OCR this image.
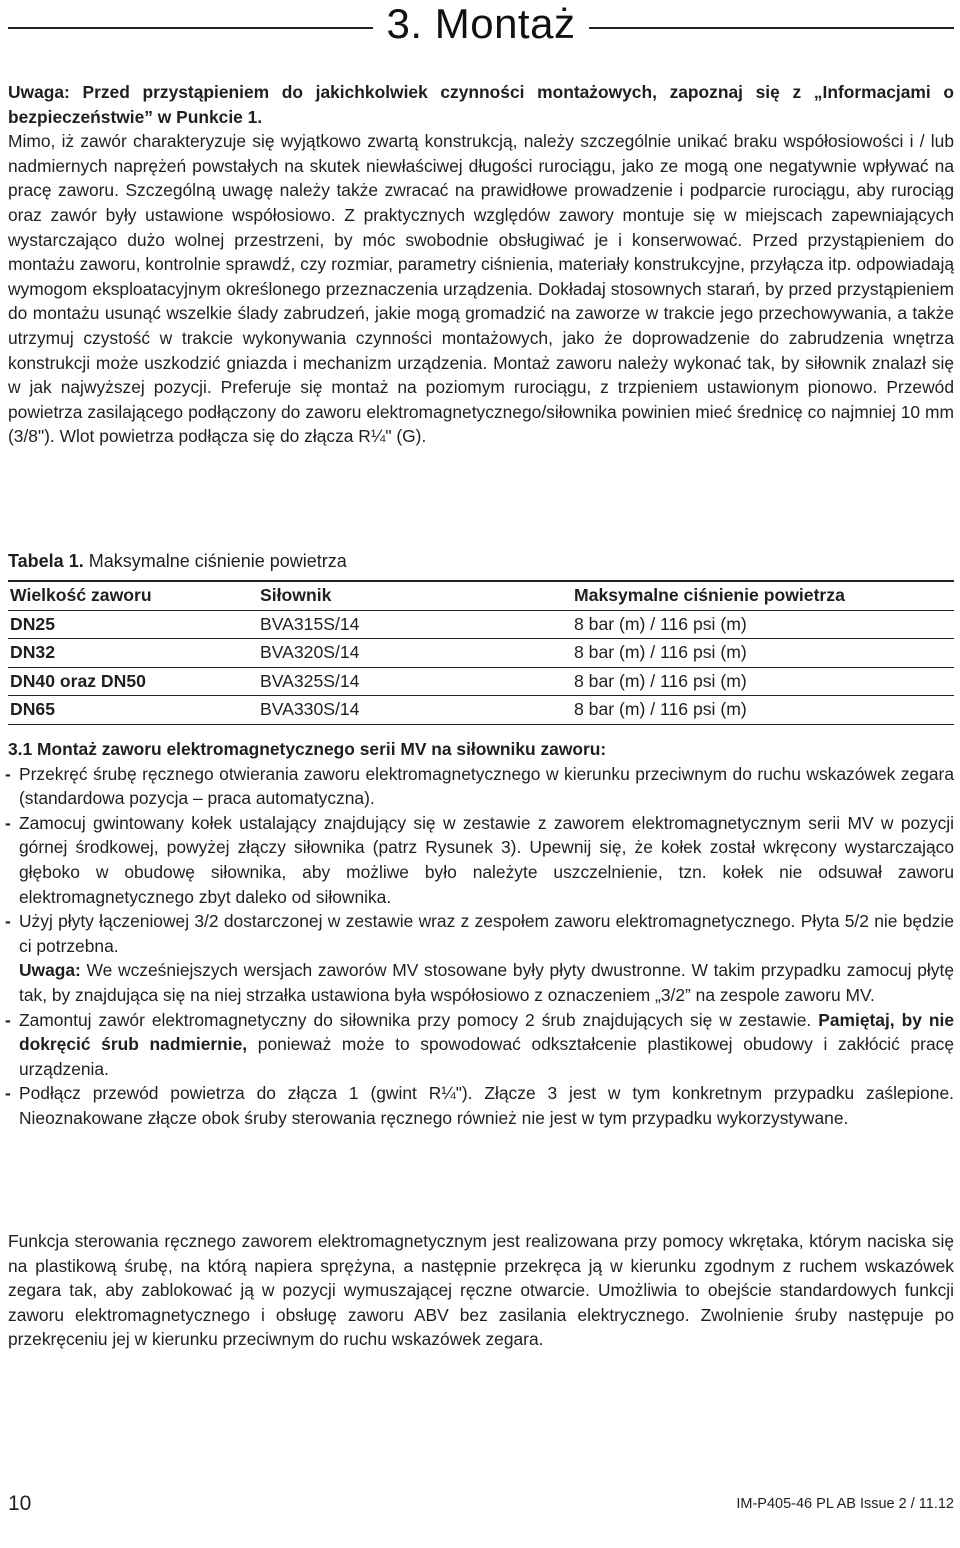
3. Montaż

Uwaga: Przed przystąpieniem do jakichkolwiek czynności montażowych, zapoznaj się z „Informacjami o bezpieczeństwie” w Punkcie 1.

Mimo, iż zawór charakteryzuje się wyjątkowo zwartą konstrukcją, należy szczególnie unikać braku współosiowości i / lub nadmiernych naprężeń powstałych na skutek niewłaściwej długości rurociągu, jako ze mogą one negatywnie wpływać na pracę zaworu. Szczególną uwagę należy także zwracać na prawidłowe prowadzenie i podparcie rurociągu, aby rurociąg oraz zawór były ustawione współosiowo. Z praktycznych względów zawory montuje się w miejscach zapewniających wystarczająco dużo wolnej przestrzeni, by móc swobodnie obsługiwać je i konserwować. Przed przystąpieniem do montażu zaworu, kontrolnie sprawdź, czy rozmiar, parametry ciśnienia, materiały konstrukcyjne, przyłącza itp. odpowiadają wymogom eksploatacyjnym określonego przeznaczenia urządzenia. Dokładaj stosownych starań, by przed przystąpieniem do montażu usunąć wszelkie ślady zabrudzeń, jakie mogą gromadzić na zaworze w trakcie jego przechowywania, a także utrzymuj czystość w trakcie wykonywania czynności montażowych, jako że doprowadzenie do zabrudzenia wnętrza konstrukcji może uszkodzić gniazda i mechanizm urządzenia. Montaż zaworu należy wykonać tak, by siłownik znalazł się w jak najwyższej pozycji. Preferuje się montaż na poziomym rurociągu, z trzpieniem ustawionym pionowo. Przewód powietrza zasilającego podłączony do zaworu elektromagnetycznego/siłownika powinien mieć średnicę co najmniej 10 mm (3/8"). Wlot powietrza podłącza się do złącza R¼" (G).

Tabela 1. Maksymalne ciśnienie powietrza
Wielkość zaworu	Siłownik	Maksymalne ciśnienie powietrza
DN25	BVA315S/14	8 bar (m) / 116 psi (m)
DN32	BVA320S/14	8 bar (m) / 116 psi (m)
DN40 oraz DN50	BVA325S/14	8 bar (m) / 116 psi (m)
DN65	BVA330S/14	8 bar (m) / 116 psi (m)

3.1 Montaż zaworu elektromagnetycznego serii MV na siłowniku zaworu:

- Przekręć śrubę ręcznego otwierania zaworu elektromagnetycznego w kierunku przeciwnym do ruchu wskazówek zegara (standardowa pozycja – praca automatyczna).
- Zamocuj gwintowany kołek ustalający znajdujący się w zestawie z zaworem elektromagnetycznym serii MV w pozycji górnej środkowej, powyżej złączy siłownika (patrz Rysunek 3). Upewnij się, że kołek został wkręcony wystarczająco głęboko w obudowę siłownika, aby możliwe było należyte uszczelnienie, tzn. kołek nie odsuwał zaworu elektromagnetycznego zbyt daleko od siłownika.
- Użyj płyty łączeniowej 3/2 dostarczonej w zestawie wraz z zespołem zaworu elektromagnetycznego. Płyta 5/2 nie będzie ci potrzebna.

Uwaga: We wcześniejszych wersjach zaworów MV stosowane były płyty dwustronne. W takim przypadku zamocuj płytę tak, by znajdująca się na niej strzałka ustawiona była współosiowo z oznaczeniem „3/2” na zespole zaworu MV.

- Zamontuj zawór elektromagnetyczny do siłownika przy pomocy 2 śrub znajdujących się w zestawie. Pamiętaj, by nie dokręcić śrub nadmiernie, ponieważ może to spowodować odkształcenie plastikowej obudowy i zakłócić pracę urządzenia.
- Podłącz przewód powietrza do złącza 1 (gwint R¼"). Złącze 3 jest w tym konkretnym przypadku zaślepione. Nieoznakowane złącze obok śruby sterowania ręcznego również nie jest w tym przypadku wykorzystywane.

Funkcja sterowania ręcznego zaworem elektromagnetycznym jest realizowana przy pomocy wkrętaka, którym naciska się na plastikową śrubę, na którą napiera sprężyna, a następnie przekręca ją w kierunku zgodnym z ruchem wskazówek zegara tak, aby zablokować ją w pozycji wymuszającej ręczne otwarcie. Umożliwia to obejście standardowych funkcji zaworu elektromagnetycznego i obsługę zaworu ABV bez zasilania elektrycznego. Zwolnienie śruby następuje po przekręceniu jej w kierunku przeciwnym do ruchu wskazówek zegara.

10	IM-P405-46 PL AB Issue 2 / 11.12
